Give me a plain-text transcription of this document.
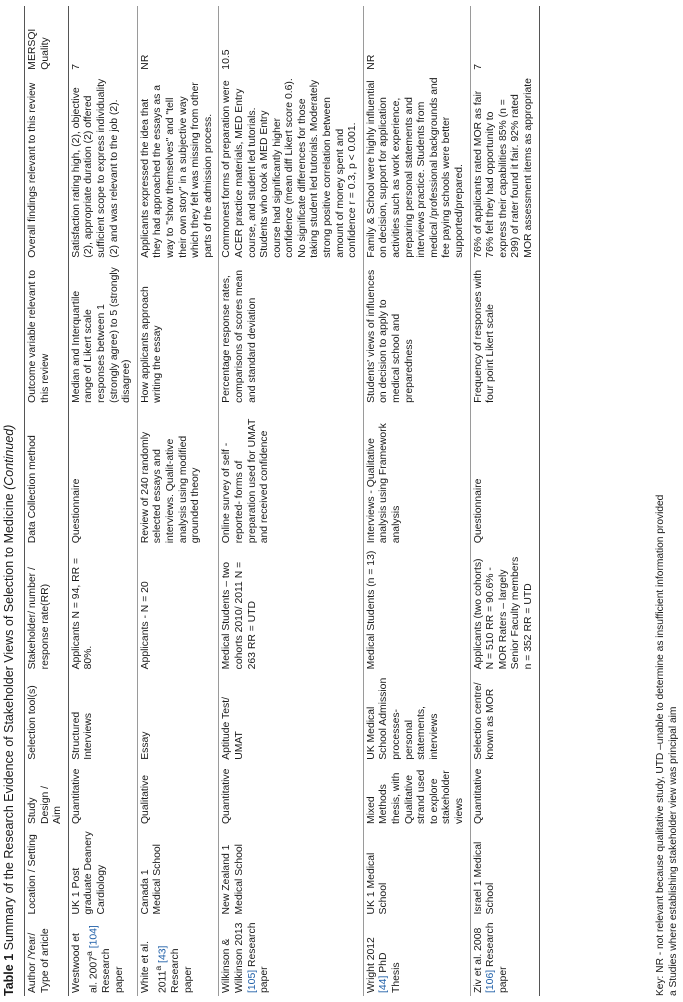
Table 1 Summary of the Research Evidence of Stakeholder Views of Selection to Medicine (Continued)
Author /Year/ Type of article	Location / Setting	Study Design / Aim	Selection tool(s)	Stakeholder/ number / response rate(RR)	Data Collection method	Outcome variable relevant to this review	Overall findings relevant to this review	MERSQI Quality
Westwood et al. 2007$^a$ [104] Research paper	UK 1 Post graduate Deanery Cardiology	Quantitative	Structured Interviews	Applicants N = 94, RR = 80%.	Questionnaire	Median and Interquartile range of Likert scale responses between 1 (strongly agree) to 5 (strongly disagree)	Satisfaction rating high, (2), objective (2), appropriate duration (2) offered sufficient scope to express individuality (2) and was relevant to the job (2).	7
White et al. 2011$^a$ [43] Research paper	Canada 1 Medical School	Qualitative	Essay	Applicants - N = 20	Review of 240 randomly selected essays and interviews. Qualit-ative analysis using modified grounded theory	How applicants approach writing the essay	Applicants expressed the idea that they had approached the essays as a way to "show themselves" and "tell their own story" in a subjective way which they felt was missing from other parts of the admission process.	NR
Wilkinson & Wilkinson 2013 [105] Research paper	New Zealand 1 Medical School	Quantitative	Aptitude Test/ UMAT	Medical Students – two cohorts 2010/ 2011 N = 263 RR = UTD	Online survey of self -reported- forms of preparation used for UMAT and received confidence	Percentage response rates, comparisons of scores mean and standard deviation	Commonest forms of preparation were ACER practice materials, MED Entry course, and student led tutorials. Students who took a MED Entry course had significantly higher confidence (mean diff Likert score 0.6). No significate differences for those taking student led tutorials. Moderately strong positive correlation between amount of money spent and confidence r = 0.3, p < 0.001.	10.5
Wright 2012 [44] PhD Thesis	UK 1 Medical School	Mixed Methods thesis, with Qualitative strand used to explore stakeholder views	UK Medical School Admission processes- personal statements, interviews	Medical Students (n = 13)	Interviews - Qualitative analysis using Framework analysis	Students' views of influences on decision to apply to medical school and preparedness	Family & School were highly influential on decision, support for application activities such as work experience, preparing personal statements and interviews practice. Students from medical /professional backgrounds and fee paying schools were better supported/prepared.	NR
Ziv et al. 2008 [106] Research paper	Israel 1 Medical School	Quantitative	Selection centre/ known as MOR	Applicants (two cohorts) N = 510 RR = 90.6% - MOR Raters – largely Senior Faculty members n = 352 RR = UTD	Questionnaire	Frequency of responses with four point Likert scale	76% of applicants rated MOR as fair 76% felt they had opportunity to express their capabilities 85% (n = 299) of rater found it fair. 92% rated MOR assessment items as appropriate	7
Key: NR - not relevant because qualitative study, UTD –unable to determine as insufficient information provided a Studies where establishing stakeholder view was principal aim
